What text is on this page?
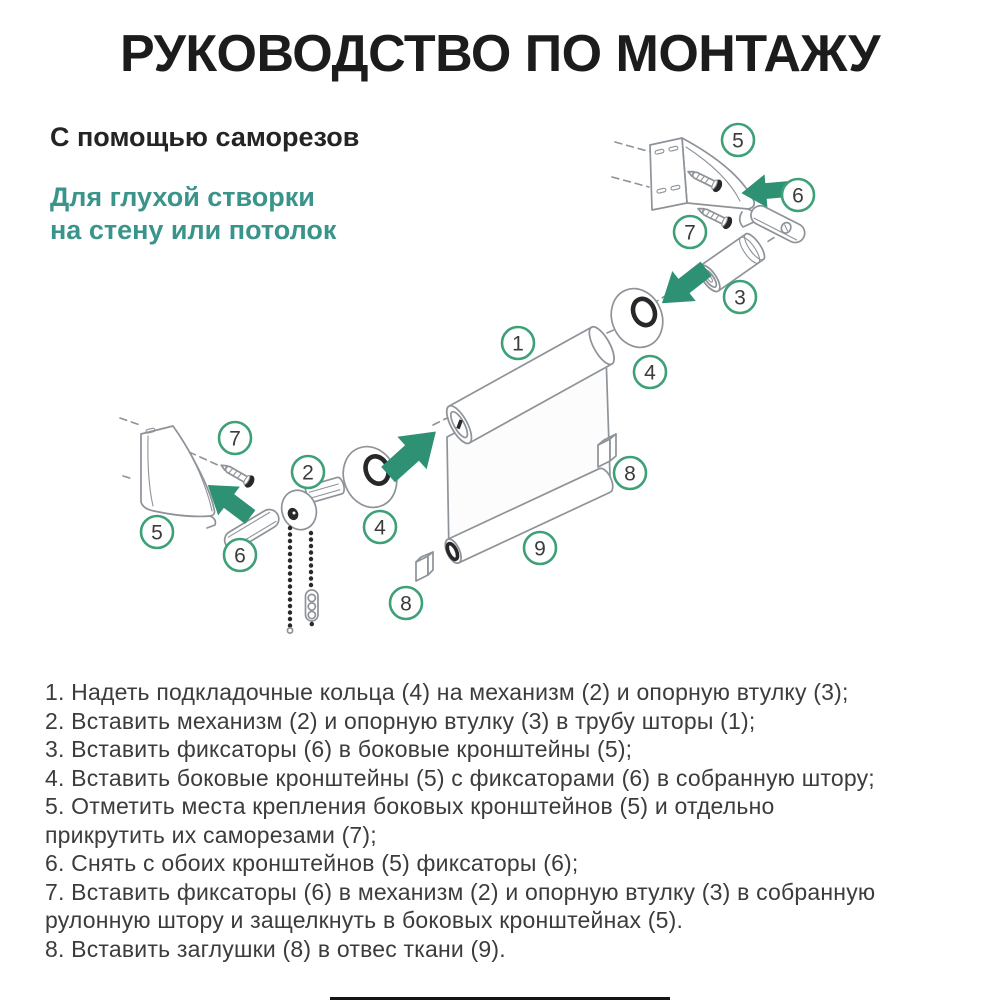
РУКОВОДСТВО ПО МОНТАЖУ
С помощью саморезов
Для глухой створки
на стену или потолок
1
2
3
4
4
5
5
6
6
7
7
8
8
9
1. Надеть подкладочные кольца (4) на механизм (2) и опорную втулку (3);
2. Вставить механизм (2) и опорную втулку (3) в трубу шторы (1);
3. Вставить фиксаторы (6) в боковые кронштейны (5);
4. Вставить боковые кронштейны (5) с фиксаторами (6) в собранную штору;
5. Отметить места крепления боковых кронштейнов (5) и отдельно
прикрутить их саморезами (7);
6. Снять с обоих кронштейнов (5) фиксаторы (6);
7. Вставить фиксаторы (6) в механизм (2) и опорную втулку (3) в собранную
рулонную штору и защелкнуть в боковых кронштейнах (5).
8. Вставить заглушки (8) в отвес ткани (9).
